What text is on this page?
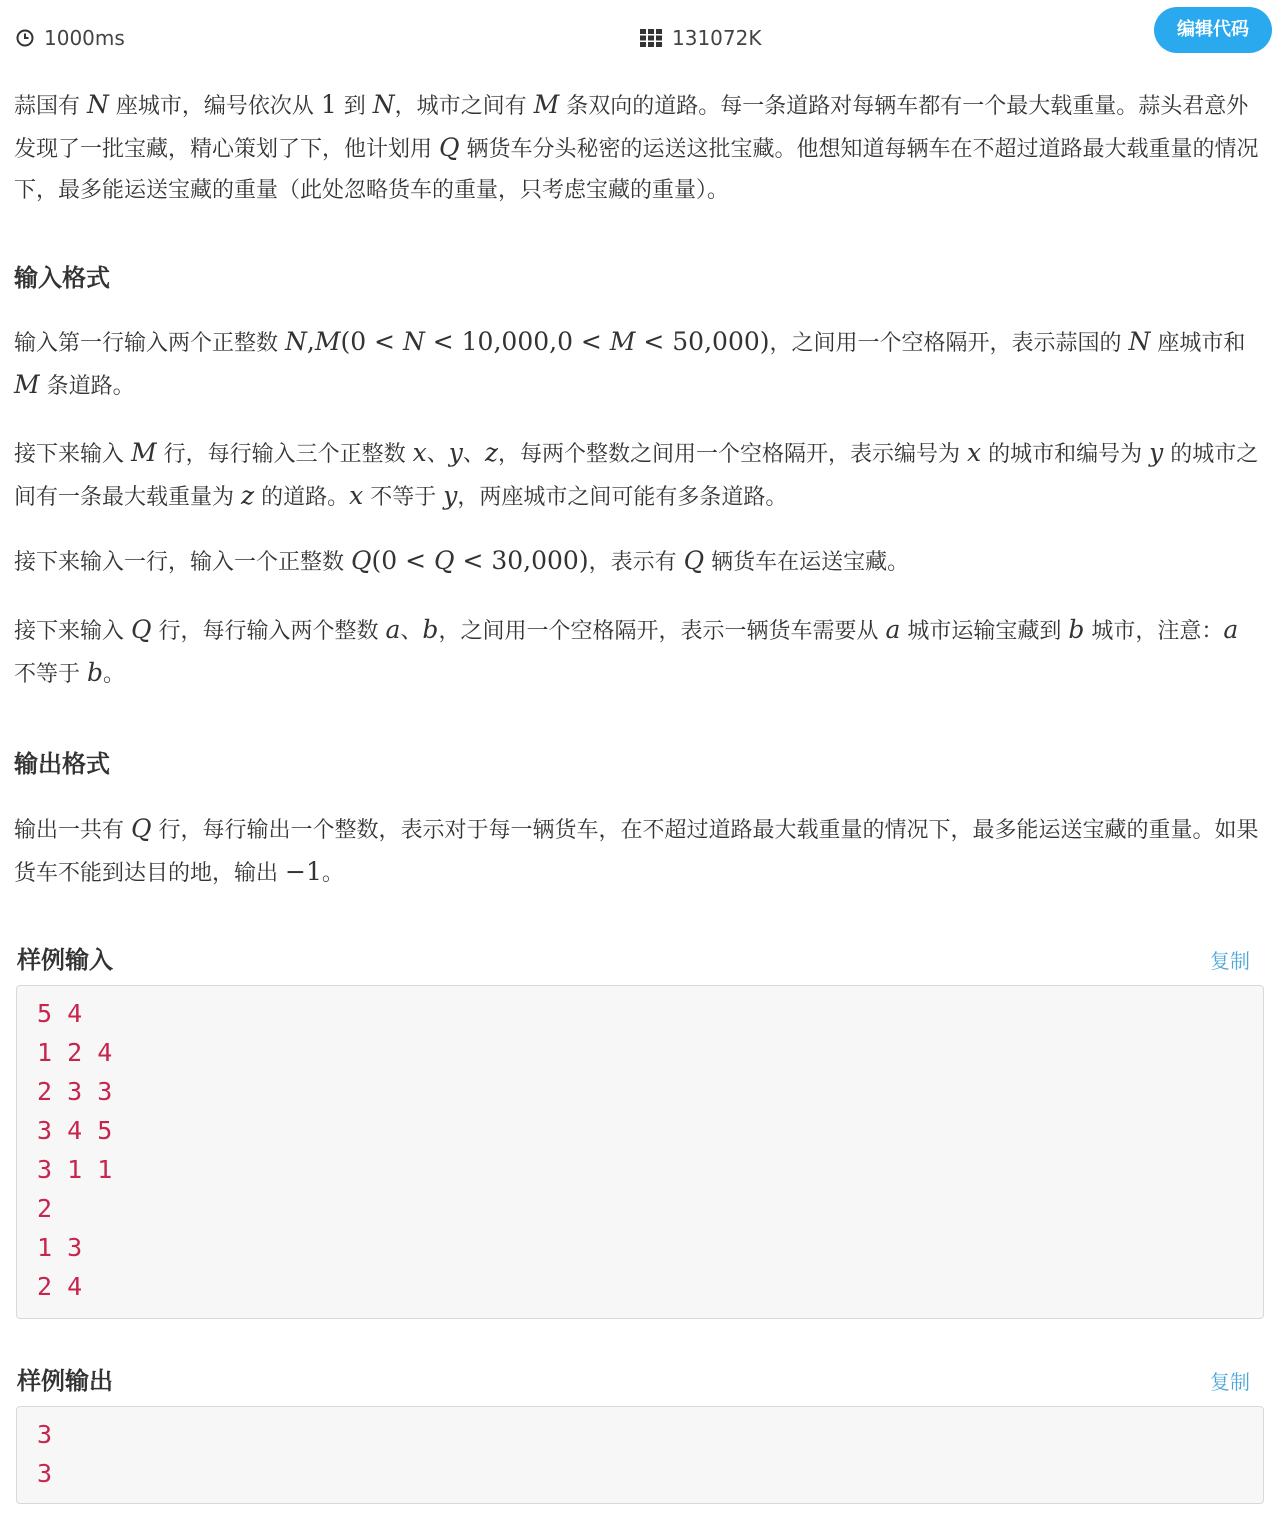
1000ms	131072K	编辑代码

蒜国有 N 座城市，编号依次从 1 到 N，城市之间有 M 条双向的道路。每一条道路对每辆车都有一个最大载重量。蒜头君意外发现了一批宝藏，精心策划了下，他计划用 Q 辆货车分头秘密的运送这批宝藏。他想知道每辆车在不超过道路最大载重量的情况下，最多能运送宝藏的重量（此处忽略货车的重量，只考虑宝藏的重量）。

输入格式

输入第一行输入两个正整数 N,M(0 < N < 10,000,0 < M < 50,000)，之间用一个空格隔开，表示蒜国的 N 座城市和 M 条道路。

接下来输入 M 行，每行输入三个正整数 x、y、z，每两个整数之间用一个空格隔开，表示编号为 x 的城市和编号为 y 的城市之间有一条最大载重量为 z 的道路。x 不等于 y，两座城市之间可能有多条道路。

接下来输入一行，输入一个正整数 Q(0 < Q < 30,000)，表示有 Q 辆货车在运送宝藏。

接下来输入 Q 行，每行输入两个整数 a、b，之间用一个空格隔开，表示一辆货车需要从 a 城市运输宝藏到 b 城市，注意：a 不等于 b。

输出格式

输出一共有 Q 行，每行输出一个整数，表示对于每一辆货车，在不超过道路最大载重量的情况下，最多能运送宝藏的重量。如果货车不能到达目的地，输出 −1。

样例输入	复制
5 4
1 2 4
2 3 3
3 4 5
3 1 1
2
1 3
2 4
样例输出	复制
3
3
